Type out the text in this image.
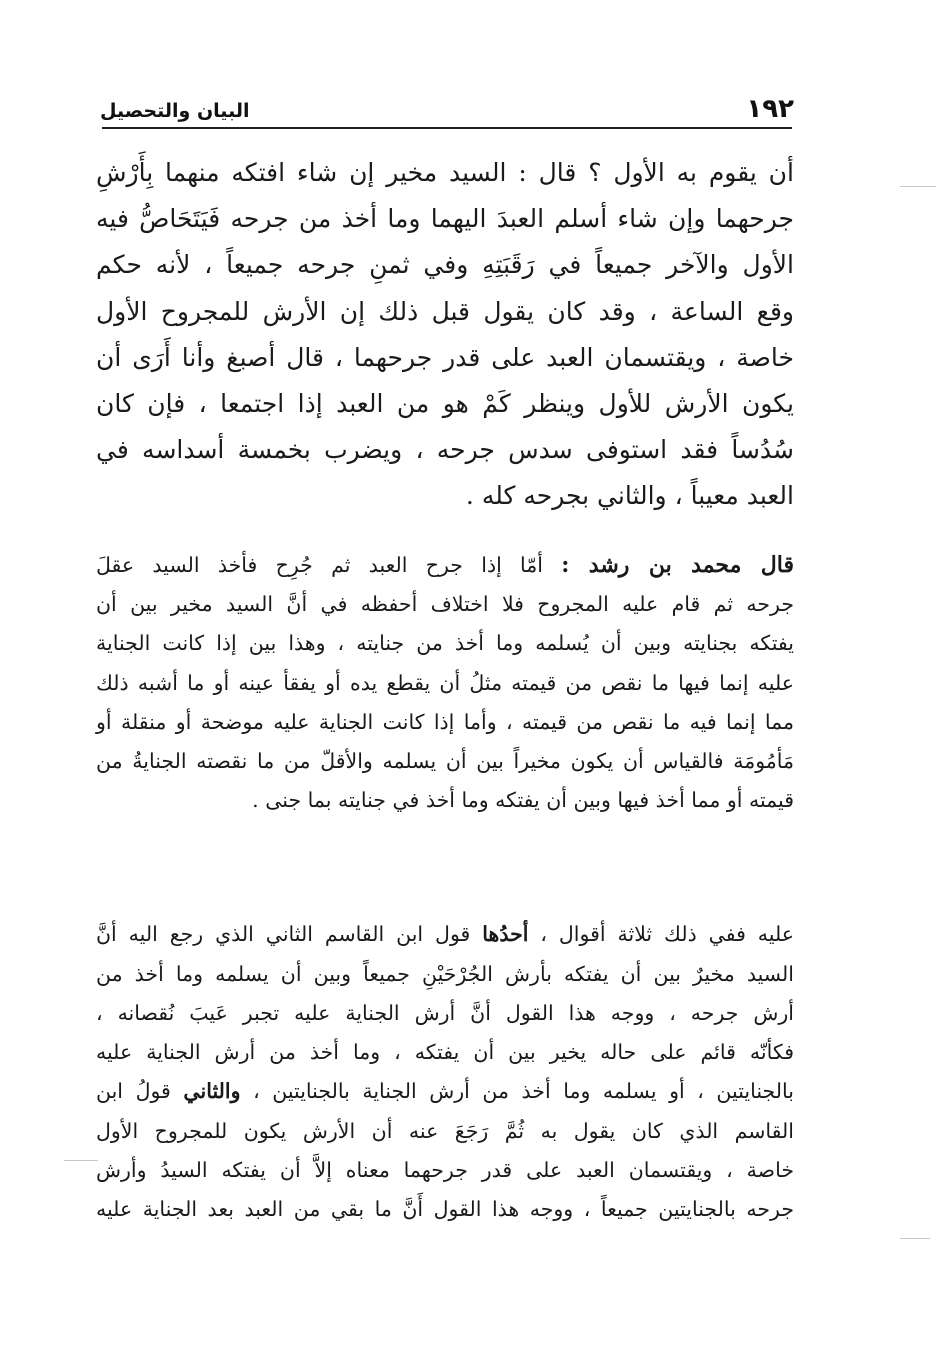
١٩٢
البيان والتحصيل
أن يقوم به الأول ؟ قال : السيد مخير إن شاء افتكه منهما بِأَرْشِ
جرحهما وإن شاء أسلم العبدَ اليهما وما أخذ من جرحه فَيَتَحَاصُّ فيه
الأول والآخر جميعاً في رَقَبَتِهِ وفي ثمنِ جرحه جميعاً ، لأنه حكم
وقع الساعة ، وقد كان يقول قبل ذلك إن الأرش للمجروح الأول
خاصة ، ويقتسمان العبد على قدر جرحهما ، قال أصبغ وأنا أَرَى أن
يكون الأرش للأول وينظر كَمْ هو من العبد إذا اجتمعا ، فإن كان
سُدُساً فقد استوفى سدس جرحه ، ويضرب بخمسة أسداسه في
العبد معيباً ، والثاني بجرحه كله .
قال محمد بن رشد : أمّا إذا جرح العبد ثم جُرِح فأخذ السيد عقلَ
جرحه ثم قام عليه المجروح فلا اختلاف أحفظه في أنَّ السيد مخير بين أن
يفتكه بجنايته وبين أن يُسلمه وما أخذ من جنايته ، وهذا بين إذا كانت الجناية
عليه إنما فيها ما نقص من قيمته مثلُ أن يقطع يده أو يفقأ عينه أو ما أشبه ذلك
مما إنما فيه ما نقص من قيمته ، وأما إذا كانت الجناية عليه موضحة أو منقلة أو
مَأمُومَة فالقياس أن يكون مخيراً بين أن يسلمه والأقلّ من ما نقصته الجنايةُ من
قيمته أو مما أخذ فيها وبين أن يفتكه وما أخذ في جنايته بما جنى .
عليه ففي ذلك ثلاثة أقوال ، أحدُها قول ابن القاسم الثاني الذي رجع اليه أنَّ
السيد مخيرٌ بين أن يفتكه بأرش الجُرْحَيْنِ جميعاً وبين أن يسلمه وما أخذ من
أرش جرحه ، ووجه هذا القول أنَّ أرش الجناية عليه تجبر عَيبَ نُقصانه ،
فكأنّه قائم على حاله يخير بين أن يفتكه ، وما أخذ من أرش الجناية عليه
بالجنايتين ، أو يسلمه وما أخذ من أرش الجناية بالجنايتين ، والثاني قولُ ابن
القاسم الذي كان يقول به ثُمَّ رَجَعَ عنه أن الأرش يكون للمجروح الأول
خاصة ، ويقتسمان العبد على قدر جرحهما معناه إلاَّ أن يفتكه السيدُ وأرش
جرحه بالجنايتين جميعاً ، ووجه هذا القول أَنَّ ما بقي من العبد بعد الجناية عليه
